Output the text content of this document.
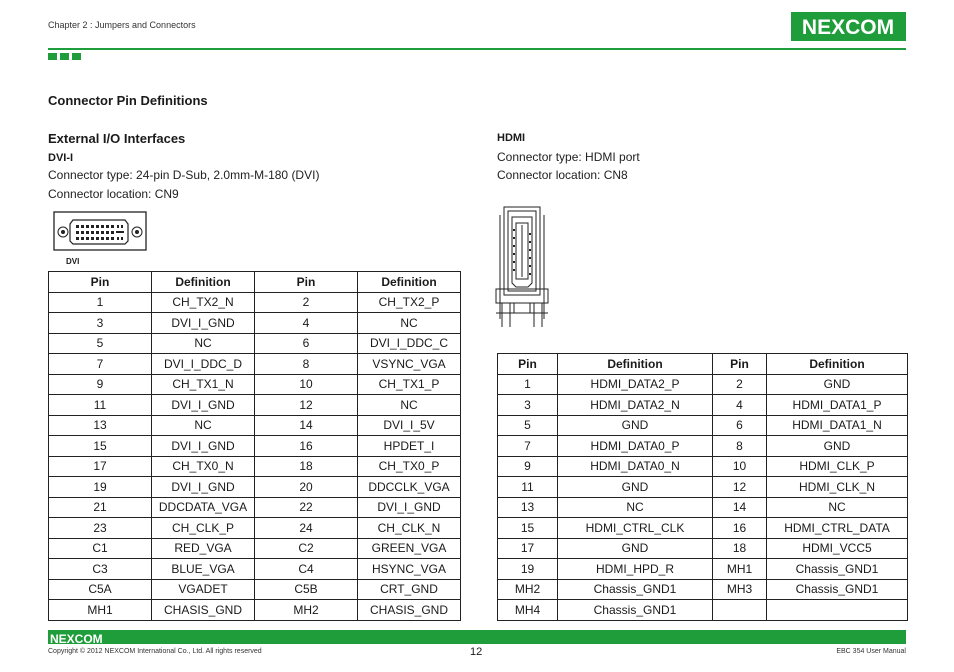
Chapter 2 : Jumpers and Connectors	NEXCOM
Connector Pin Definitions
External I/O Interfaces
DVI-I
Connector type: 24-pin D-Sub, 2.0mm-M-180 (DVI)
Connector location: CN9
DVI
Pin	Definition	Pin	Definition
1	CH_TX2_N	2	CH_TX2_P
3	DVI_I_GND	4	NC
5	NC	6	DVI_I_DDC_C
7	DVI_I_DDC_D	8	VSYNC_VGA
9	CH_TX1_N	10	CH_TX1_P
11	DVI_I_GND	12	NC
13	NC	14	DVI_I_5V
15	DVI_I_GND	16	HPDET_I
17	CH_TX0_N	18	CH_TX0_P
19	DVI_I_GND	20	DDCCLK_VGA
21	DDCDATA_VGA	22	DVI_I_GND
23	CH_CLK_P	24	CH_CLK_N
C1	RED_VGA	C2	GREEN_VGA
C3	BLUE_VGA	C4	HSYNC_VGA
C5A	VGADET	C5B	CRT_GND
MH1	CHASIS_GND	MH2	CHASIS_GND
HDMI
Connector type: HDMI port
Connector location: CN8
Pin	Definition	Pin	Definition
1	HDMI_DATA2_P	2	GND
3	HDMI_DATA2_N	4	HDMI_DATA1_P
5	GND	6	HDMI_DATA1_N
7	HDMI_DATA0_P	8	GND
9	HDMI_DATA0_N	10	HDMI_CLK_P
11	GND	12	HDMI_CLK_N
13	NC	14	NC
15	HDMI_CTRL_CLK	16	HDMI_CTRL_DATA
17	GND	18	HDMI_VCC5
19	HDMI_HPD_R	MH1	Chassis_GND1
MH2	Chassis_GND1	MH3	Chassis_GND1
MH4	Chassis_GND1		
NEXCOM
Copyright © 2012 NEXCOM International Co., Ltd. All rights reserved	12	EBC 354 User Manual
